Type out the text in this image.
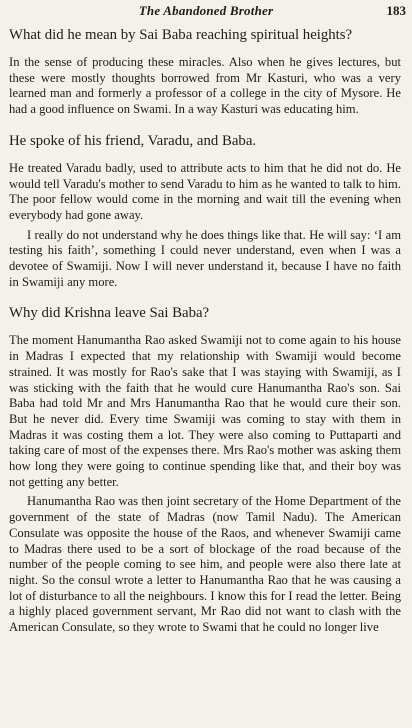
The Abandoned Brother	183

What did he mean by Sai Baba reaching spiritual heights?

In the sense of producing these miracles. Also when he gives lectures, but these were mostly thoughts borrowed from Mr Kasturi, who was a very learned man and formerly a professor of a college in the city of Mysore. He had a good influence on Swami. In a way Kasturi was educating him.

He spoke of his friend, Varadu, and Baba.

He treated Varadu badly, used to attribute acts to him that he did not do. He would tell Varadu's mother to send Varadu to him as he wanted to talk to him. The poor fellow would come in the morning and wait till the evening when everybody had gone away.

I really do not understand why he does things like that. He will say: ‘I am testing his faith’, something I could never understand, even when I was a devotee of Swamiji. Now I will never understand it, because I have no faith in Swamiji any more.

Why did Krishna leave Sai Baba?

The moment Hanumantha Rao asked Swamiji not to come again to his house in Madras I expected that my relationship with Swamiji would become strained. It was mostly for Rao's sake that I was staying with Swamiji, as I was sticking with the faith that he would cure Hanumantha Rao's son. Sai Baba had told Mr and Mrs Hanumantha Rao that he would cure their son. But he never did. Every time Swamiji was coming to stay with them in Madras it was costing them a lot. They were also coming to Puttaparti and taking care of most of the expenses there. Mrs Rao's mother was asking them how long they were going to continue spending like that, and their boy was not getting any better.

Hanumantha Rao was then joint secretary of the Home Department of the government of the state of Madras (now Tamil Nadu). The American Consulate was opposite the house of the Raos, and whenever Swamiji came to Madras there used to be a sort of blockage of the road because of the number of the people coming to see him, and people were also there late at night. So the consul wrote a letter to Hanumantha Rao that he was causing a lot of disturbance to all the neighbours. I know this for I read the letter. Being a highly placed government servant, Mr Rao did not want to clash with the American Consulate, so they wrote to Swami that he could no longer live
